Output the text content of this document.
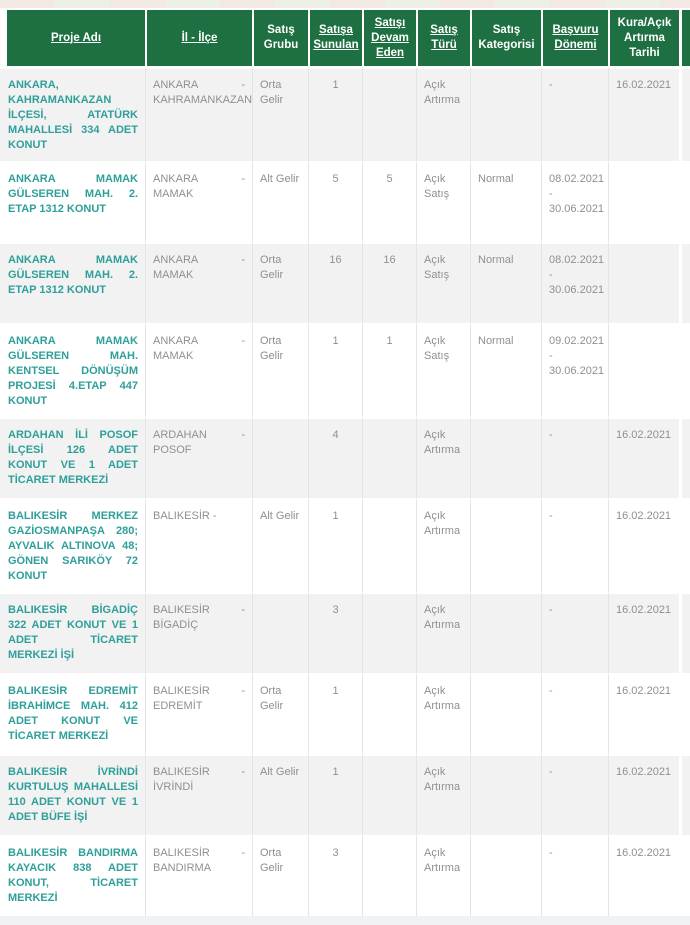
Proje Adı	İl - İlçe	Satış Grubu	Satışa Sunulan	Satışı Devam Eden	Satış Türü	Satış Kategorisi	Başvuru Dönemi	Kura/Açık Artırma Tarihi	
ANKARA, KAHRAMANKAZAN İLÇESİ, ATATÜRK MAHALLESİ 334 ADET KONUT	ANKARA - KAHRAMANKAZAN	Orta Gelir	1		Açık Artırma		-	16.02.2021	
ANKARA MAMAK GÜLSEREN MAH. 2. ETAP 1312 KONUT	ANKARA - MAMAK	Alt Gelir	5	5	Açık Satış	Normal	08.02.2021 - 30.06.2021		
ANKARA MAMAK GÜLSEREN MAH. 2. ETAP 1312 KONUT	ANKARA - MAMAK	Orta Gelir	16	16	Açık Satış	Normal	08.02.2021 - 30.06.2021		
ANKARA MAMAK GÜLSEREN MAH. KENTSEL DÖNÜŞÜM PROJESİ 4.ETAP 447 KONUT	ANKARA - MAMAK	Orta Gelir	1	1	Açık Satış	Normal	09.02.2021 - 30.06.2021		
ARDAHAN İLİ POSOF İLÇESİ 126 ADET KONUT VE 1 ADET TİCARET MERKEZİ	ARDAHAN - POSOF		4		Açık Artırma		-	16.02.2021	
BALIKESİR MERKEZ GAZİOSMANPAŞA 280; AYVALIK ALTINOVA 48; GÖNEN SARIKÖY 72 KONUT	BALIKESİR -	Alt Gelir	1		Açık Artırma		-	16.02.2021	
BALIKESİR BİGADİÇ 322 ADET KONUT VE 1 ADET TİCARET MERKEZİ İŞİ	BALIKESİR - BİGADİÇ		3		Açık Artırma		-	16.02.2021	
BALIKESİR EDREMİT İBRAHİMCE MAH. 412 ADET KONUT VE TİCARET MERKEZİ	BALIKESİR - EDREMİT	Orta Gelir	1		Açık Artırma		-	16.02.2021	
BALIKESİR İVRİNDİ KURTULUŞ MAHALLESİ 110 ADET KONUT VE 1 ADET BÜFE İŞİ	BALIKESİR - İVRİNDİ	Alt Gelir	1		Açık Artırma		-	16.02.2021	
BALIKESİR BANDIRMA KAYACIK 838 ADET KONUT, TİCARET MERKEZİ	BALIKESİR - BANDIRMA	Orta Gelir	3		Açık Artırma		-	16.02.2021	
